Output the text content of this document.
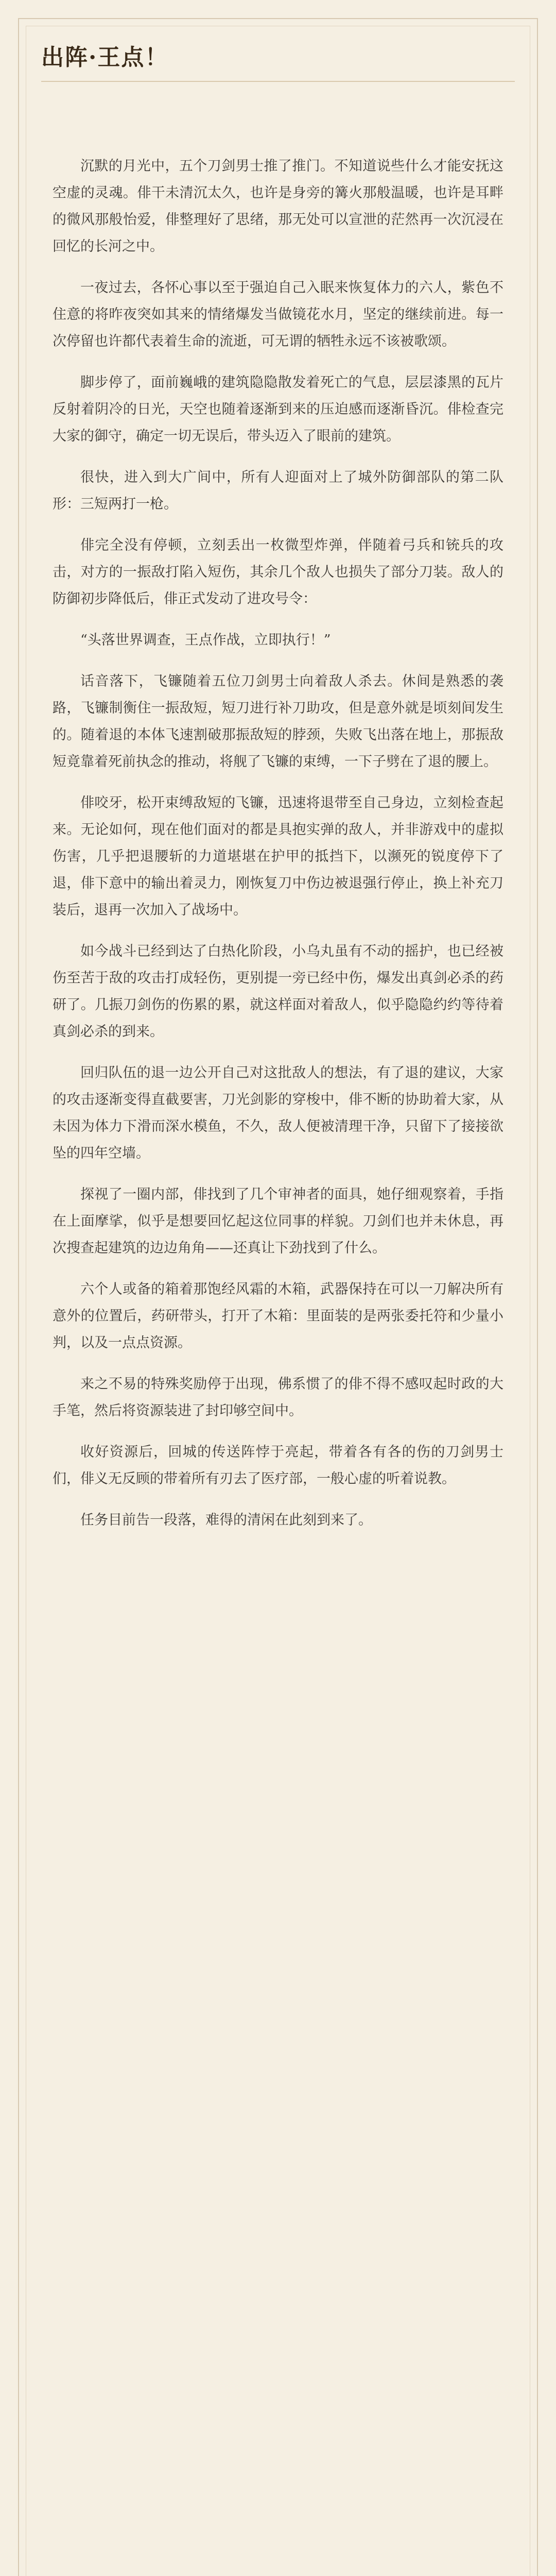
出阵·王点！

沉默的月光中，五个刀剑男士推了推门。不知道说些什么才能安抚这空虚的灵魂。俳干未清沉太久，也许是身旁的篝火那般温暖，也许是耳畔的微风那般怡爱，俳整理好了思绪，那无处可以宣泄的茫然再一次沉浸在回忆的长河之中。

一夜过去，各怀心事以至于强迫自己入眠来恢复体力的六人，紫色不住意的将昨夜突如其来的情绪爆发当做镜花水月，坚定的继续前进。每一次停留也许都代表着生命的流逝，可无谓的牺牲永远不该被歌颂。

脚步停了，面前巍峨的建筑隐隐散发着死亡的气息，层层漆黑的瓦片反射着阴冷的日光，天空也随着逐渐到来的压迫感而逐渐昏沉。俳检查完大家的御守，确定一切无误后，带头迈入了眼前的建筑。

很快，进入到大广间中，所有人迎面对上了城外防御部队的第二队形：三短两打一枪。

俳完全没有停顿，立刻丢出一枚微型炸弹，伴随着弓兵和铳兵的攻击，对方的一振敌打陷入短伤，其余几个敌人也损失了部分刀装。敌人的防御初步降低后，俳正式发动了进攻号令：

“头落世界调查，王点作战，立即执行！”

话音落下，飞镰随着五位刀剑男士向着敌人杀去。休间是熟悉的袭路，飞镰制衡住一振敌短，短刀进行补刀助攻，但是意外就是顷刻间发生的。随着退的本体飞速割破那振敌短的脖颈，失败飞出落在地上，那振敌短竟靠着死前执念的推动，将舰了飞镰的束缚，一下子劈在了退的腰上。

俳咬牙，松开束缚敌短的飞镰，迅速将退带至自己身边，立刻检查起来。无论如何，现在他们面对的都是具抱实弹的敌人，并非游戏中的虚拟伤害，几乎把退腰斩的力道堪堪在护甲的抵挡下，以濒死的锐度停下了退，俳下意中的输出着灵力，刚恢复刀中伤边被退强行停止，换上补充刀装后，退再一次加入了战场中。

如今战斗已经到达了白热化阶段，小乌丸虽有不动的摇护，也已经被伤至苦于敌的攻击打成轻伤，更别提一旁已经中伤，爆发出真剑必杀的药研了。几振刀剑伤的伤累的累，就这样面对着敌人，似乎隐隐约约等待着真剑必杀的到来。

回归队伍的退一边公开自己对这批敌人的想法，有了退的建议，大家的攻击逐渐变得直截要害，刀光剑影的穿梭中，俳不断的协助着大家，从未因为体力下滑而深水模鱼，不久，敌人便被清理干净，只留下了接接欲坠的四年空墙。

探视了一圈内部，俳找到了几个审神者的面具，她仔细观察着，手指在上面摩挲，似乎是想要回忆起这位同事的样貌。刀剑们也并未休息，再次搜查起建筑的边边角角——还真让下劲找到了什么。

六个人或备的箱着那饱经风霜的木箱，武器保持在可以一刀解决所有意外的位置后，药研带头，打开了木箱：里面装的是两张委托符和少量小判，以及一点点资源。

来之不易的特殊奖励停于出现，佛系惯了的俳不得不感叹起时政的大手笔，然后将资源装进了封印够空间中。

收好资源后，回城的传送阵悖于亮起，带着各有各的伤的刀剑男士们，俳义无反顾的带着所有刃去了医疗部，一般心虚的听着说教。

任务目前告一段落，难得的清闲在此刻到来了。
